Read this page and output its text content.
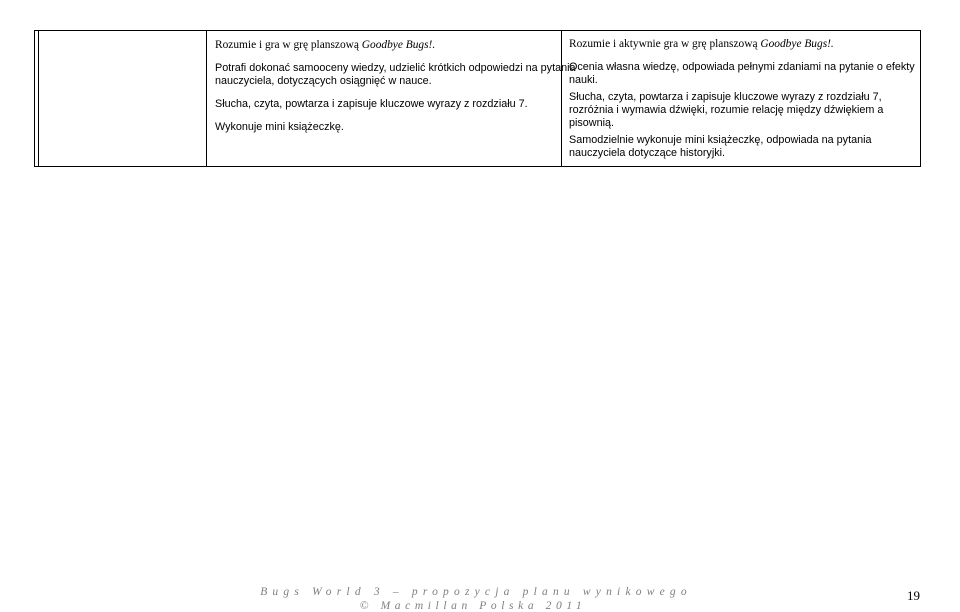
Rozumie i gra w grę planszową Goodbye Bugs!.

Potrafi dokonać samooceny wiedzy, udzielić krótkich odpowiedzi na pytania nauczyciela, dotyczących osiągnięć w nauce.

Słucha, czyta, powtarza i zapisuje kluczowe wyrazy z rozdziału 7.

Wykonuje mini książeczkę.

Rozumie i aktywnie gra w grę planszową Goodbye Bugs!.

Ocenia własna wiedzę, odpowiada pełnymi zdaniami na pytanie o efekty nauki.

Słucha, czyta, powtarza i zapisuje kluczowe wyrazy z rozdziału 7, rozróżnia i wymawia dźwięki, rozumie relację między dźwiękiem a pisownią.

Samodzielnie wykonuje mini książeczkę, odpowiada na pytania nauczyciela dotyczące historyjki.

Bugs World 3 – propozycja planu wynikowego
© Macmillan Polska 2011
19
